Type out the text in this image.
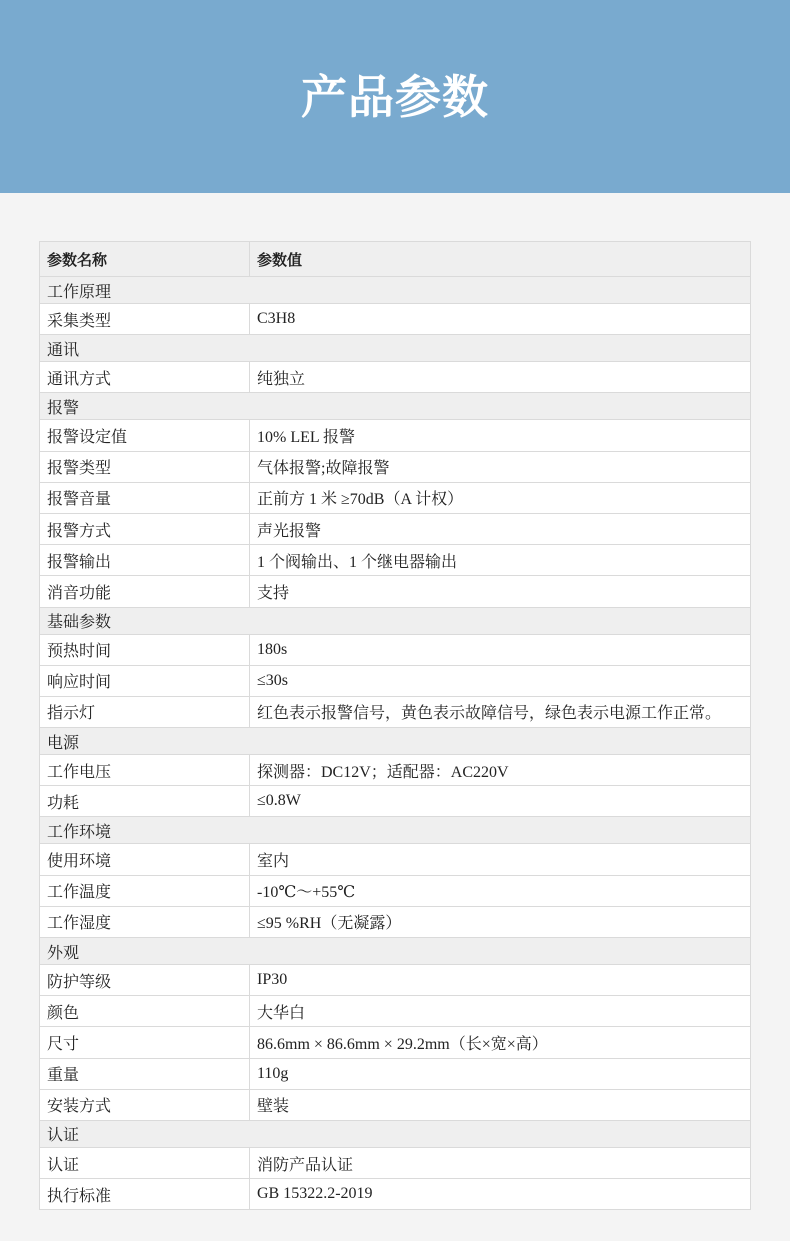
产品参数
参数名称	参数值
工作原理
采集类型	C3H8
通讯
通讯方式	纯独立
报警
报警设定值	10% LEL 报警
报警类型	气体报警;故障报警
报警音量	正前方 1 米 ≥70dB（A 计权）
报警方式	声光报警
报警输出	1 个阀输出、1 个继电器输出
消音功能	支持
基础参数
预热时间	180s
响应时间	≤30s
指示灯	红色表示报警信号，黄色表示故障信号，绿色表示电源工作正常。
电源
工作电压	探测器：DC12V；适配器：AC220V
功耗	≤0.8W
工作环境
使用环境	室内
工作温度	-10℃～+55℃
工作湿度	≤95 %RH（无凝露）
外观
防护等级	IP30
颜色	大华白
尺寸	86.6mm × 86.6mm × 29.2mm（长×宽×高）
重量	110g
安装方式	壁装
认证
认证	消防产品认证
执行标准	GB 15322.2-2019
